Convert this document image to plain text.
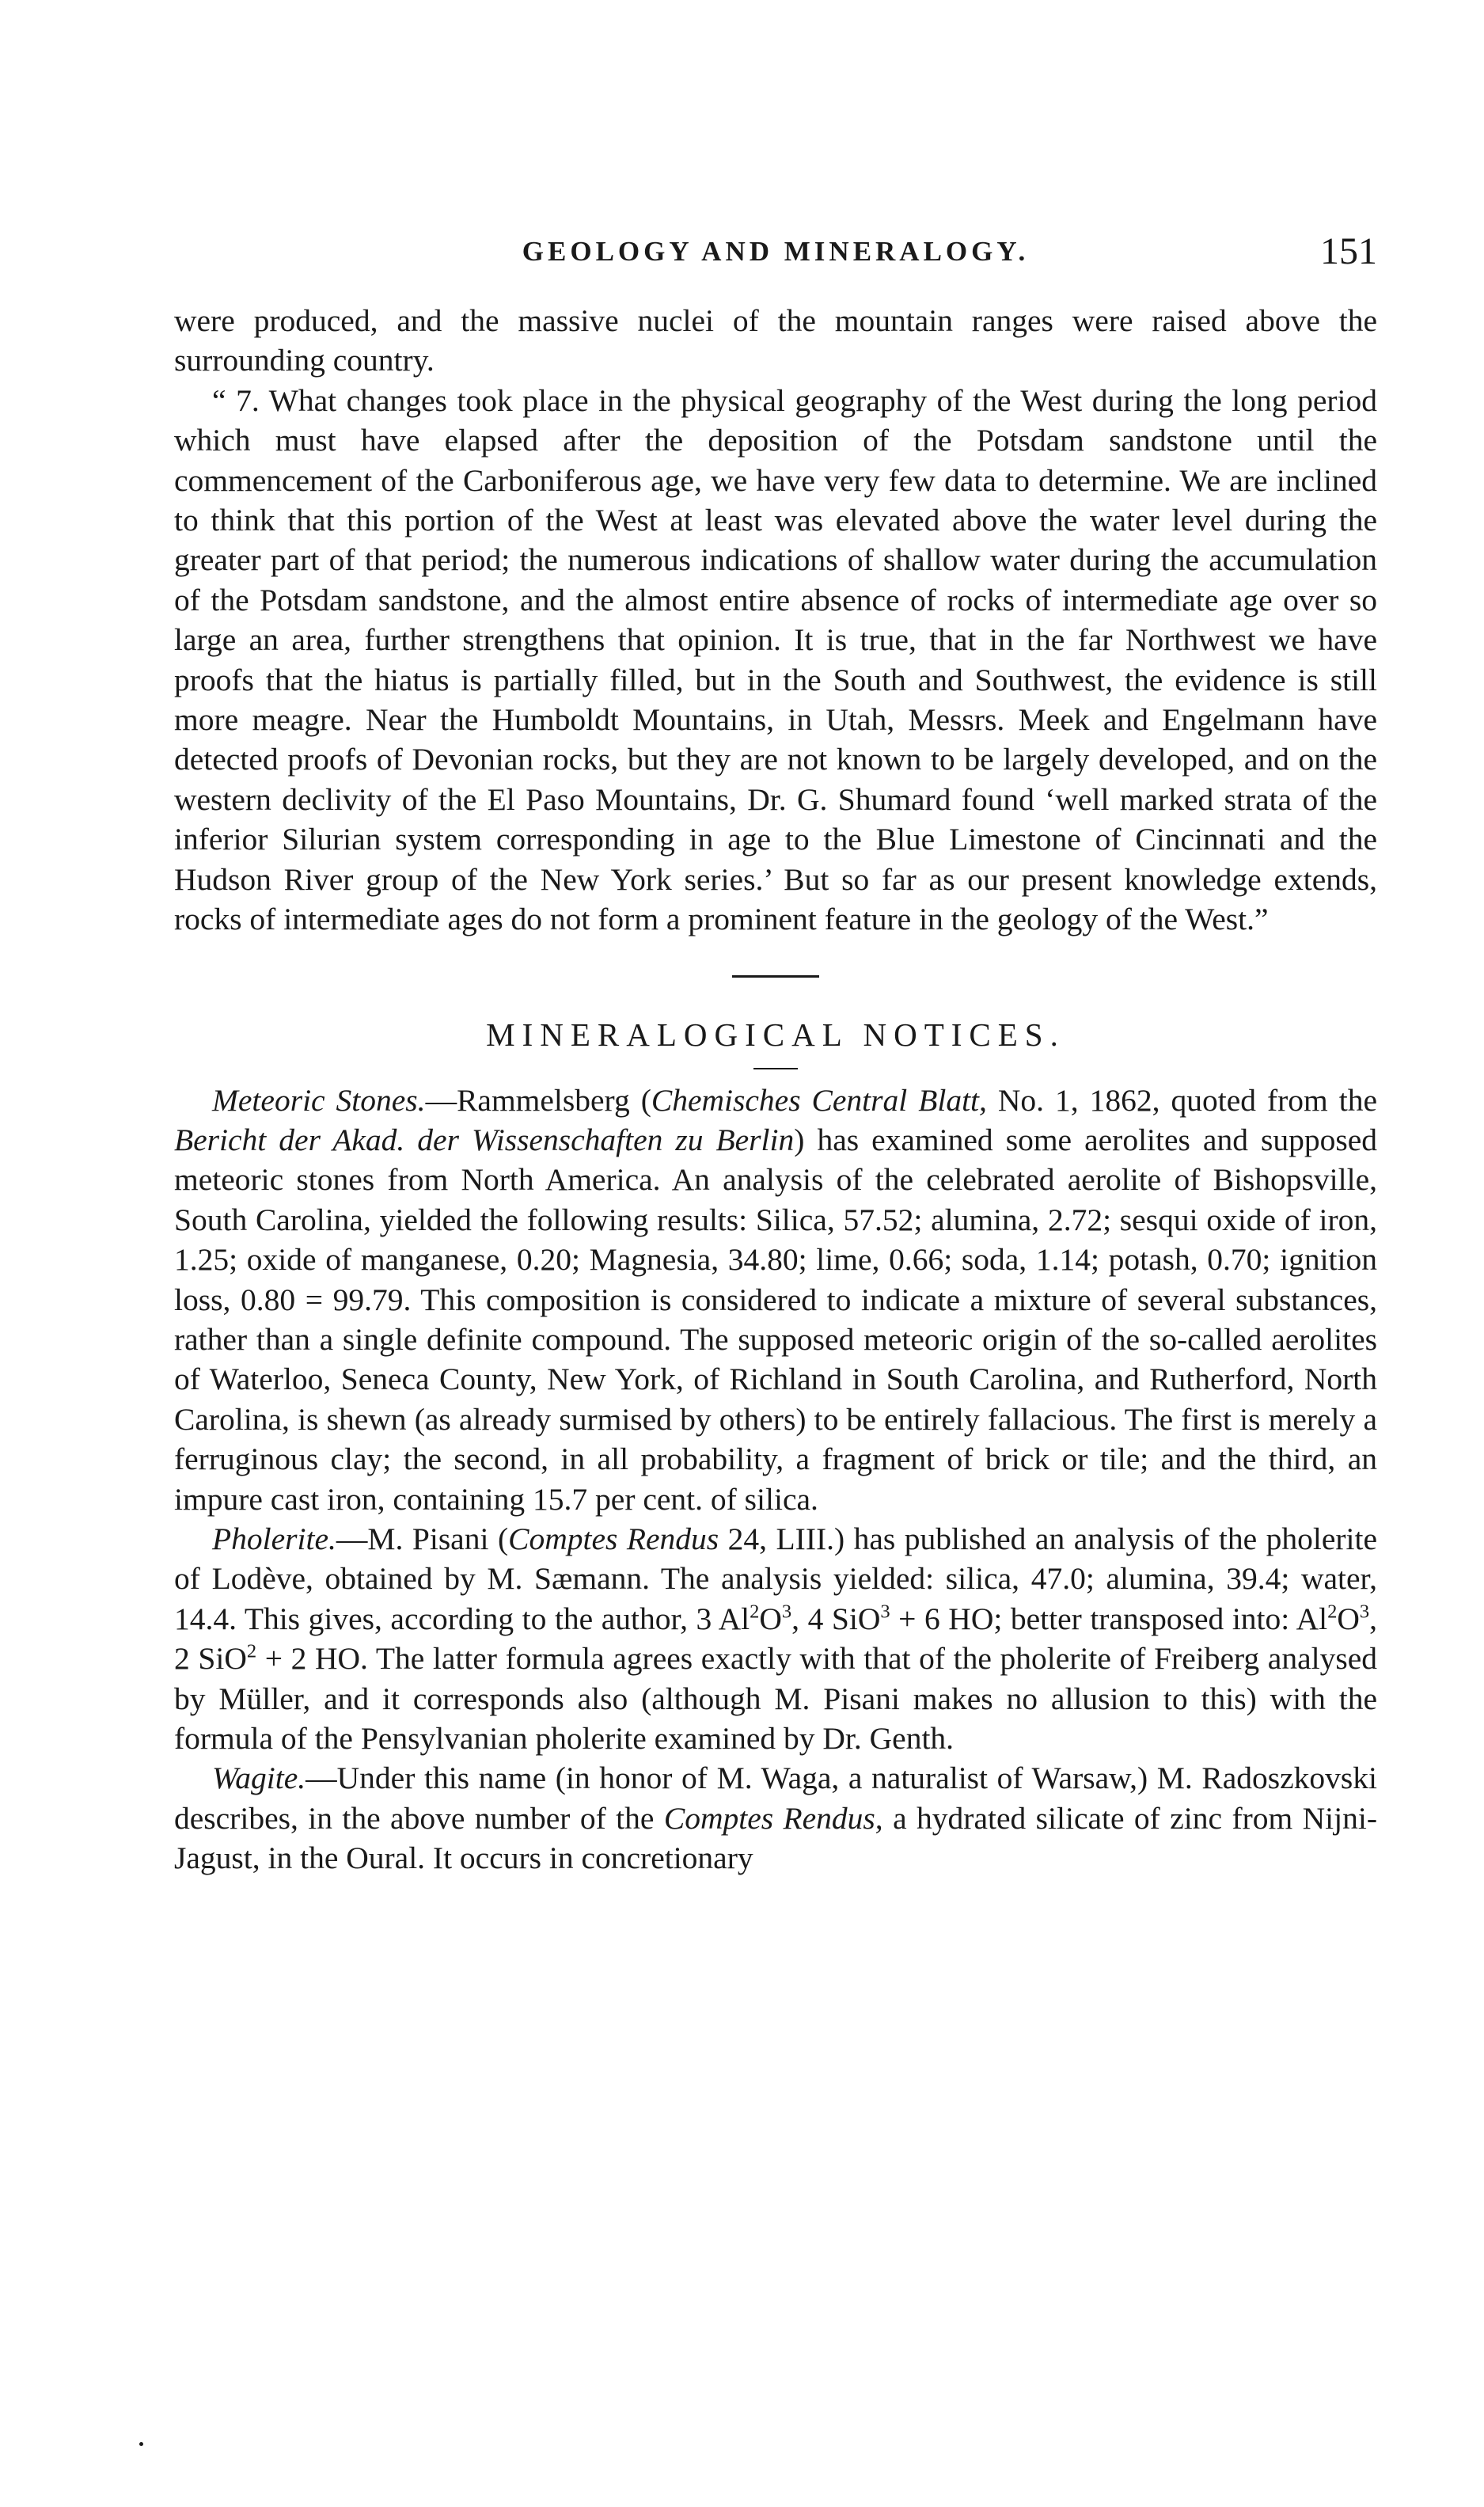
GEOLOGY AND MINERALOGY.	151

were produced, and the massive nuclei of the mountain ranges were raised above the surrounding country.

“ 7. What changes took place in the physical geography of the West during the long period which must have elapsed after the deposition of the Potsdam sandstone until the commencement of the Carboniferous age, we have very few data to determine. We are inclined to think that this portion of the West at least was elevated above the water level during the greater part of that period; the numerous indications of shallow water during the accumulation of the Potsdam sandstone, and the almost entire absence of rocks of intermediate age over so large an area, further strengthens that opinion. It is true, that in the far Northwest we have proofs that the hiatus is partially filled, but in the South and Southwest, the evidence is still more meagre. Near the Humboldt Mountains, in Utah, Messrs. Meek and Engelmann have detected proofs of Devonian rocks, but they are not known to be largely developed, and on the western declivity of the El Paso Mountains, Dr. G. Shumard found ‘well marked strata of the inferior Silurian system corresponding in age to the Blue Limestone of Cincinnati and the Hudson River group of the New York series.’ But so far as our present knowledge extends, rocks of intermediate ages do not form a prominent feature in the geology of the West.”

MINERALOGICAL NOTICES.

Meteoric Stones.—Rammelsberg (Chemisches Central Blatt, No. 1, 1862, quoted from the Bericht der Akad. der Wissenschaften zu Berlin) has examined some aerolites and supposed meteoric stones from North America. An analysis of the celebrated aerolite of Bishopsville, South Carolina, yielded the following results: Silica, 57.52; alumina, 2.72; sesqui oxide of iron, 1.25; oxide of manganese, 0.20; Magnesia, 34.80; lime, 0.66; soda, 1.14; potash, 0.70; ignition loss, 0.80 = 99.79. This composition is considered to indicate a mixture of several substances, rather than a single definite compound. The supposed meteoric origin of the so-called aerolites of Waterloo, Seneca County, New York, of Richland in South Carolina, and Rutherford, North Carolina, is shewn (as already surmised by others) to be entirely fallacious. The first is merely a ferruginous clay; the second, in all probability, a fragment of brick or tile; and the third, an impure cast iron, containing 15.7 per cent. of silica.

Pholerite.—M. Pisani (Comptes Rendus 24, LIII.) has published an analysis of the pholerite of Lodève, obtained by M. Sæmann. The analysis yielded: silica, 47.0; alumina, 39.4; water, 14.4. This gives, according to the author, 3 $Al^2O^3$, 4 SiO$^3$ + 6 HO; better transposed into: $Al^2O^3$, 2 SiO$^2$ + 2 HO. The latter formula agrees exactly with that of the pholerite of Freiberg analysed by Müller, and it corresponds also (although M. Pisani makes no allusion to this) with the formula of the Pensylvanian pholerite examined by Dr. Genth.

Wagite.—Under this name (in honor of M. Waga, a naturalist of Warsaw,) M. Radoszkovski describes, in the above number of the Comptes Rendus, a hydrated silicate of zinc from Nijni-Jagust, in the Oural. It occurs in concretionary
